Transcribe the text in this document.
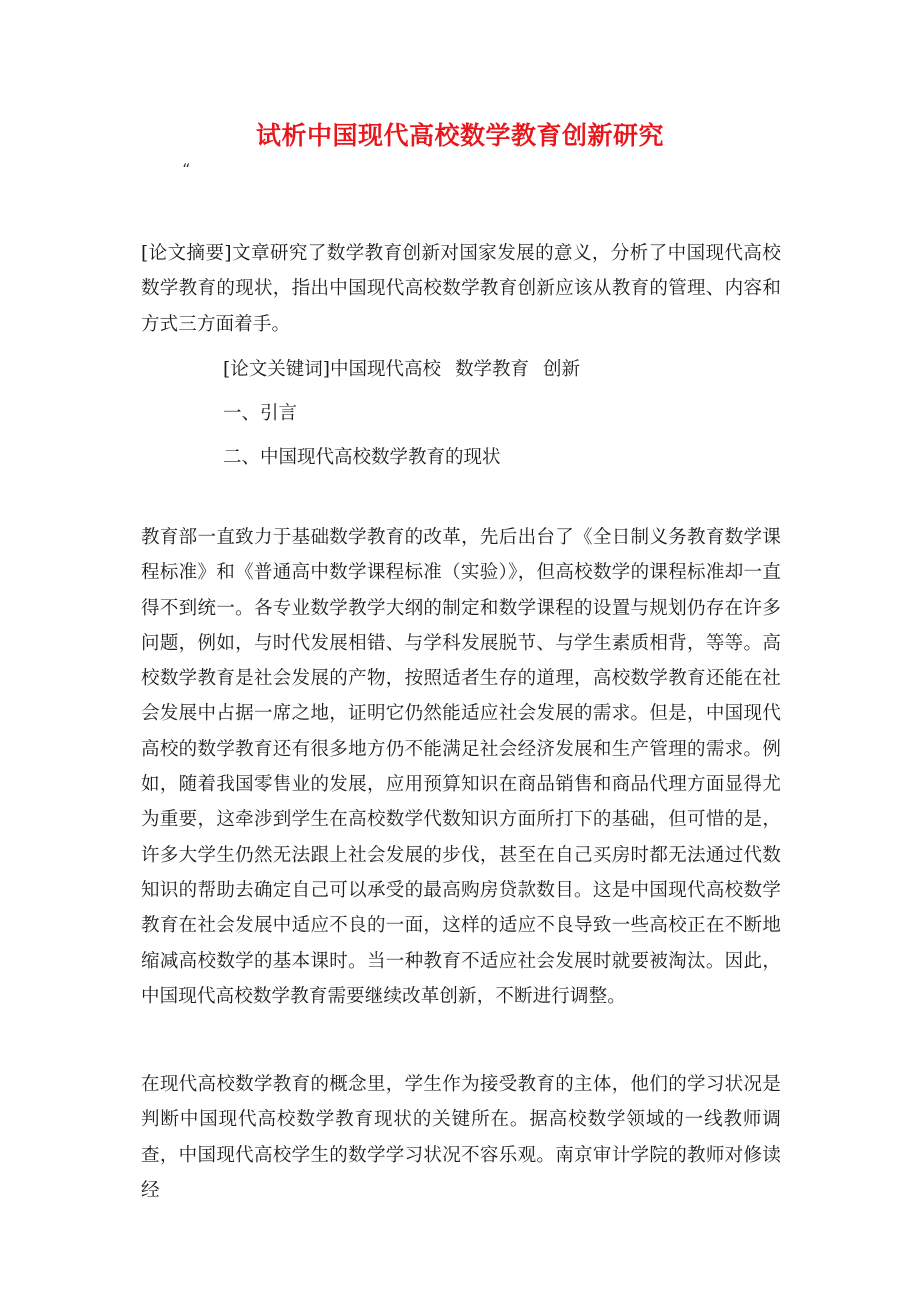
试析中国现代高校数学教育创新研究
“

[论文摘要]文章研究了数学教育创新对国家发展的意义，分析了中国现代高校数学教育的现状，指出中国现代高校数学教育创新应该从教育的管理、内容和方式三方面着手。

[论文关键词]中国现代高校 数学教育 创新

一、引言

二、中国现代高校数学教育的现状

教育部一直致力于基础数学教育的改革，先后出台了《全日制义务教育数学课程标准》和《普通高中数学课程标准（实验）》，但高校数学的课程标准却一直得不到统一。各专业数学教学大纲的制定和数学课程的设置与规划仍存在许多问题，例如，与时代发展相错、与学科发展脱节、与学生素质相背，等等。高校数学教育是社会发展的产物，按照适者生存的道理，高校数学教育还能在社会发展中占据一席之地，证明它仍然能适应社会发展的需求。但是，中国现代高校的数学教育还有很多地方仍不能满足社会经济发展和生产管理的需求。例如，随着我国零售业的发展，应用预算知识在商品销售和商品代理方面显得尤为重要，这牵涉到学生在高校数学代数知识方面所打下的基础，但可惜的是，许多大学生仍然无法跟上社会发展的步伐，甚至在自己买房时都无法通过代数知识的帮助去确定自己可以承受的最高购房贷款数目。这是中国现代高校数学教育在社会发展中适应不良的一面，这样的适应不良导致一些高校正在不断地缩减高校数学的基本课时。当一种教育不适应社会发展时就要被淘汰。因此，中国现代高校数学教育需要继续改革创新，不断进行调整。

在现代高校数学教育的概念里，学生作为接受教育的主体，他们的学习状况是判断中国现代高校数学教育现状的关键所在。据高校数学领域的一线教师调查，中国现代高校学生的数学学习状况不容乐观。南京审计学院的教师对修读经
